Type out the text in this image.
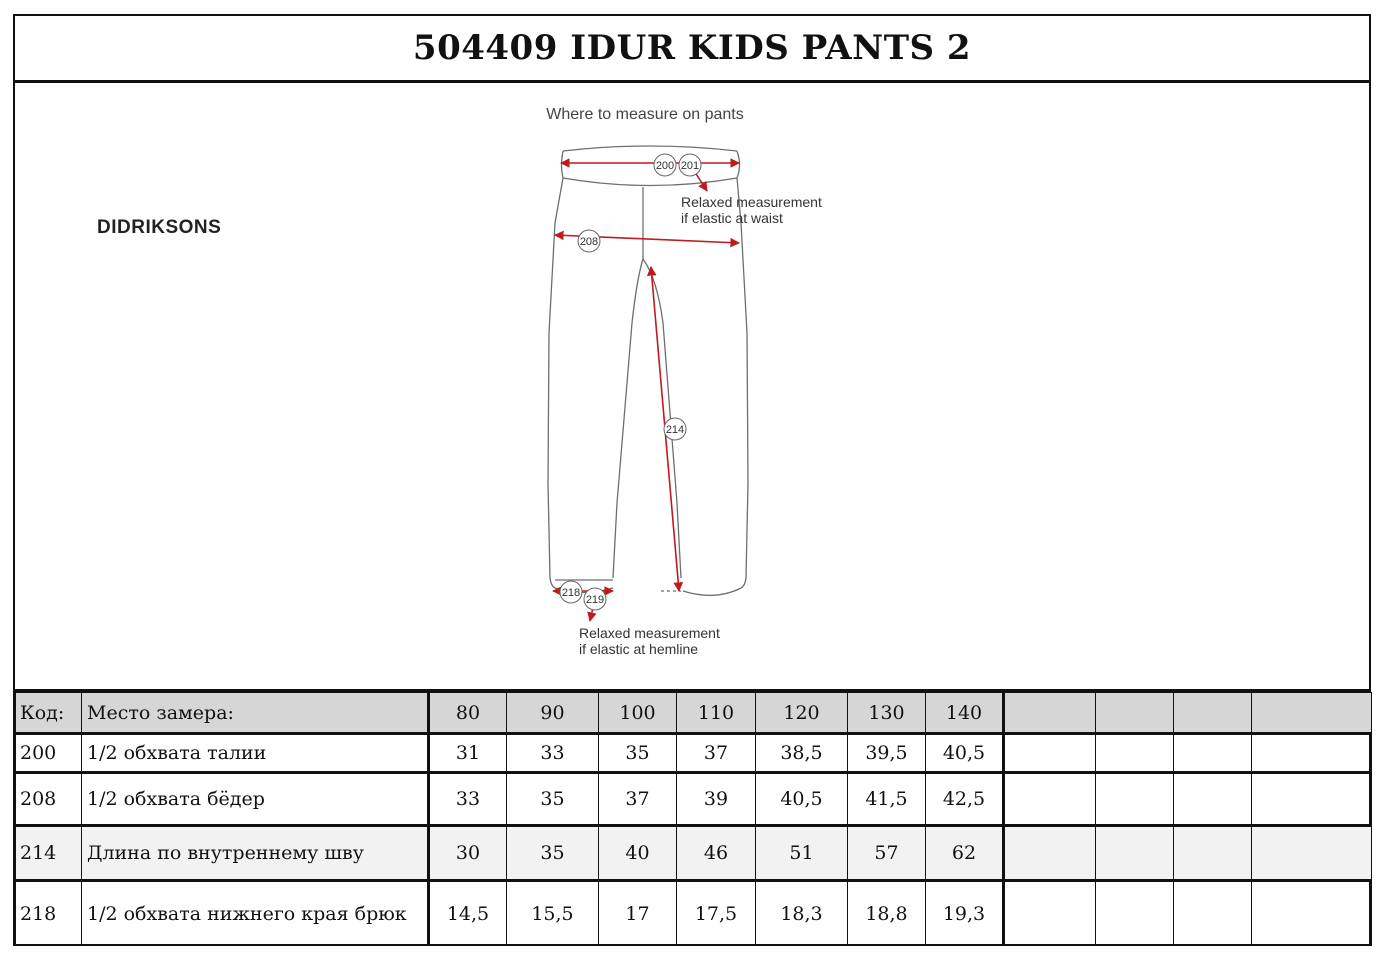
504409 IDUR KIDS PANTS 2
DIDRIKSONS
Where to measure on pants
200 201
208
214
218
219
Relaxed measurement
if elastic at waist
Relaxed measurement
if elastic at hemline
Код:	Место замера:	80	90	100	110	120	130	140				
200	1/2 обхвата талии	31	33	35	37	38,5	39,5	40,5				
208	1/2 обхвата бёдер	33	35	37	39	40,5	41,5	42,5				
214	Длина по внутреннему шву	30	35	40	46	51	57	62				
218	1/2 обхвата нижнего края брюк	14,5	15,5	17	17,5	18,3	18,8	19,3				
